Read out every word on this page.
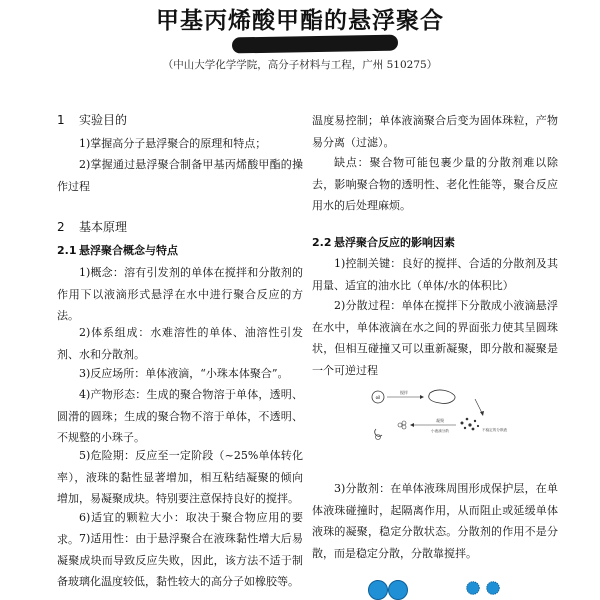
甲基丙烯酸甲酯的悬浮聚合
（中山大学化学学院，高分子材料与工程，广州 510275）
1 实验目的
1)掌握高分子悬浮聚合的原理和特点；
2)掌握通过悬浮聚合制备甲基丙烯酸甲酯的操作过程
2 基本原理
2.1 悬浮聚合概念与特点
1)概念：溶有引发剂的单体在搅拌和分散剂的作用下以液滴形式悬浮在水中进行聚合反应的方法。
2)体系组成：水难溶性的单体、油溶性引发剂、水和分散剂。
3)反应场所：单体液滴，“小珠本体聚合”。
4)产物形态：生成的聚合物溶于单体，透明、圆滑的圆珠；生成的聚合物不溶于单体，不透明、不规整的小珠子。
5)危险期：反应至一定阶段（~25%单体转化率），液珠的黏性显著增加，相互粘结凝聚的倾向增加，易凝聚成块。特别要注意保持良好的搅拌。
6)适宜的颗粒大小：取决于聚合物应用的要求。 7)适用性：由于悬浮聚合在液珠黏性增大后易凝聚成块而导致反应失败，因此，该方法不适于制备玻璃化温度较低，黏性较大的高分子如橡胶等。
温度易控制；单体液滴聚合后变为固体珠粒，产物易分离（过滤）。
缺点：聚合物可能包裹少量的分散剂难以除去，影响聚合物的透明性、老化性能等，聚合反应用水的后处理麻烦。
2.2 悬浮聚合反应的影响因素
1)控制关键：良好的搅拌、合适的分散剂及其用量、适宜的油水比（单体/水的体积比）
2)分散过程：单体在搅拌下分散成小液滴悬浮在水中，单体液滴在水之间的界面张力使其呈圆珠状，但相互碰撞又可以重新凝聚，即分散和凝聚是一个可逆过程
3)分散剂：在单体液珠周围形成保护层，在单体液珠碰撞时，起隔离作用，从而阻止或延缓单体液珠的凝聚，稳定分散状态。分散剂的作用不是分散，而是稳定分散，分散靠搅拌。
oil
搅拌
不稳定的分散液
凝聚
小液滴分散
